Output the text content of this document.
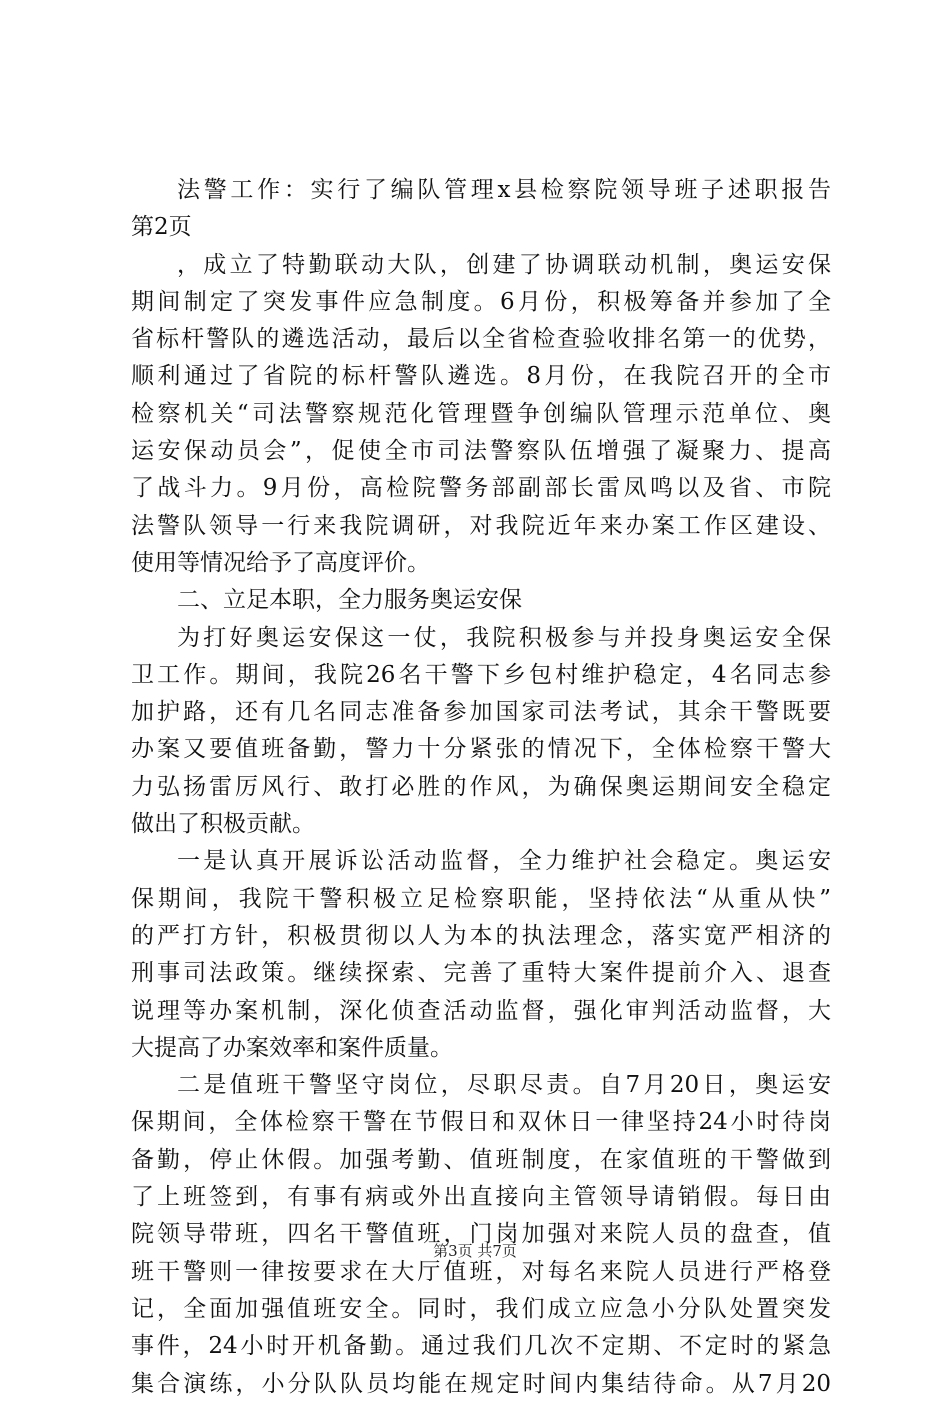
法警工作：实行了编队管理x县检察院领导班子述职报告
第2页
，成立了特勤联动大队，创建了协调联动机制，奥运安保
期间制定了突发事件应急制度。6月份，积极筹备并参加了全
省标杆警队的遴选活动，最后以全省检查验收排名第一的优势，
顺利通过了省院的标杆警队遴选。8月份，在我院召开的全市
检察机关“司法警察规范化管理暨争创编队管理示范单位、奥
运安保动员会”，促使全市司法警察队伍增强了凝聚力、提高
了战斗力。9月份，高检院警务部副部长雷凤鸣以及省、市院
法警队领导一行来我院调研，对我院近年来办案工作区建设、
使用等情况给予了高度评价。
二、立足本职，全力服务奥运安保
为打好奥运安保这一仗，我院积极参与并投身奥运安全保
卫工作。期间，我院26名干警下乡包村维护稳定，4名同志参
加护路，还有几名同志准备参加国家司法考试，其余干警既要
办案又要值班备勤，警力十分紧张的情况下，全体检察干警大
力弘扬雷厉风行、敢打必胜的作风，为确保奥运期间安全稳定
做出了积极贡献。
一是认真开展诉讼活动监督，全力维护社会稳定。奥运安
保期间，我院干警积极立足检察职能，坚持依法“从重从快”
的严打方针，积极贯彻以人为本的执法理念，落实宽严相济的
刑事司法政策。继续探索、完善了重特大案件提前介入、退查
说理等办案机制，深化侦查活动监督，强化审判活动监督，大
大提高了办案效率和案件质量。
二是值班干警坚守岗位，尽职尽责。自7月20日，奥运安
保期间，全体检察干警在节假日和双休日一律坚持24小时待岗
备勤，停止休假。加强考勤、值班制度，在家值班的干警做到
了上班签到，有事有病或外出直接向主管领导请销假。每日由
院领导带班，四名干警值班，门岗加强对来院人员的盘查，值
班干警则一律按要求在大厅值班，对每名来院人员进行严格登
记，全面加强值班安全。同时，我们成立应急小分队处置突发
事件，24小时开机备勤。通过我们几次不定期、不定时的紧急
集合演练，小分队队员均能在规定时间内集结待命。从7月20
第3页 共7页
